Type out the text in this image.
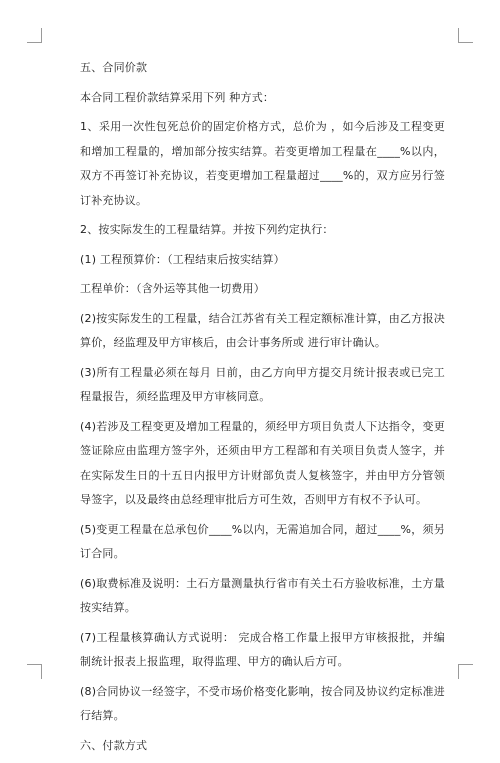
五、合同价款

本合同工程价款结算采用下列 种方式：

1、采用一次性包死总价的固定价格方式，总价为 ，如今后涉及工程变更和增加工程量的，增加部分按实结算。若变更增加工程量在____%以内，双方不再签订补充协议，若变更增加工程量超过____%的，双方应另行签订补充协议。

2、按实际发生的工程量结算。并按下列约定执行：

(1) 工程预算价：（工程结束后按实结算）

工程单价：（含外运等其他一切费用）

(2)按实际发生的工程量，结合江苏省有关工程定额标准计算，由乙方报决算价，经监理及甲方审核后，由会计事务所或 进行审计确认。

(3)所有工程量必须在每月 日前，由乙方向甲方提交月统计报表或已完工程量报告，须经监理及甲方审核同意。

(4)若涉及工程变更及增加工程量的，须经甲方项目负责人下达指令，变更签证除应由监理方签字外，还须由甲方工程部和有关项目负责人签字，并在实际发生日的十五日内报甲方计财部负责人复核签字，并由甲方分管领导签字，以及最终由总经理审批后方可生效，否则甲方有权不予认可。

(5)变更工程量在总承包价____%以内，无需追加合同，超过____%，须另订合同。

(6)取费标准及说明：土石方量测量执行省市有关土石方验收标准，土方量按实结算。

(7)工程量核算确认方式说明： 完成合格工作量上报甲方审核报批，并编制统计报表上报监理，取得监理、甲方的确认后方可。

(8)合同协议一经签字，不受市场价格变化影响，按合同及协议约定标准进行结算。

六、付款方式
